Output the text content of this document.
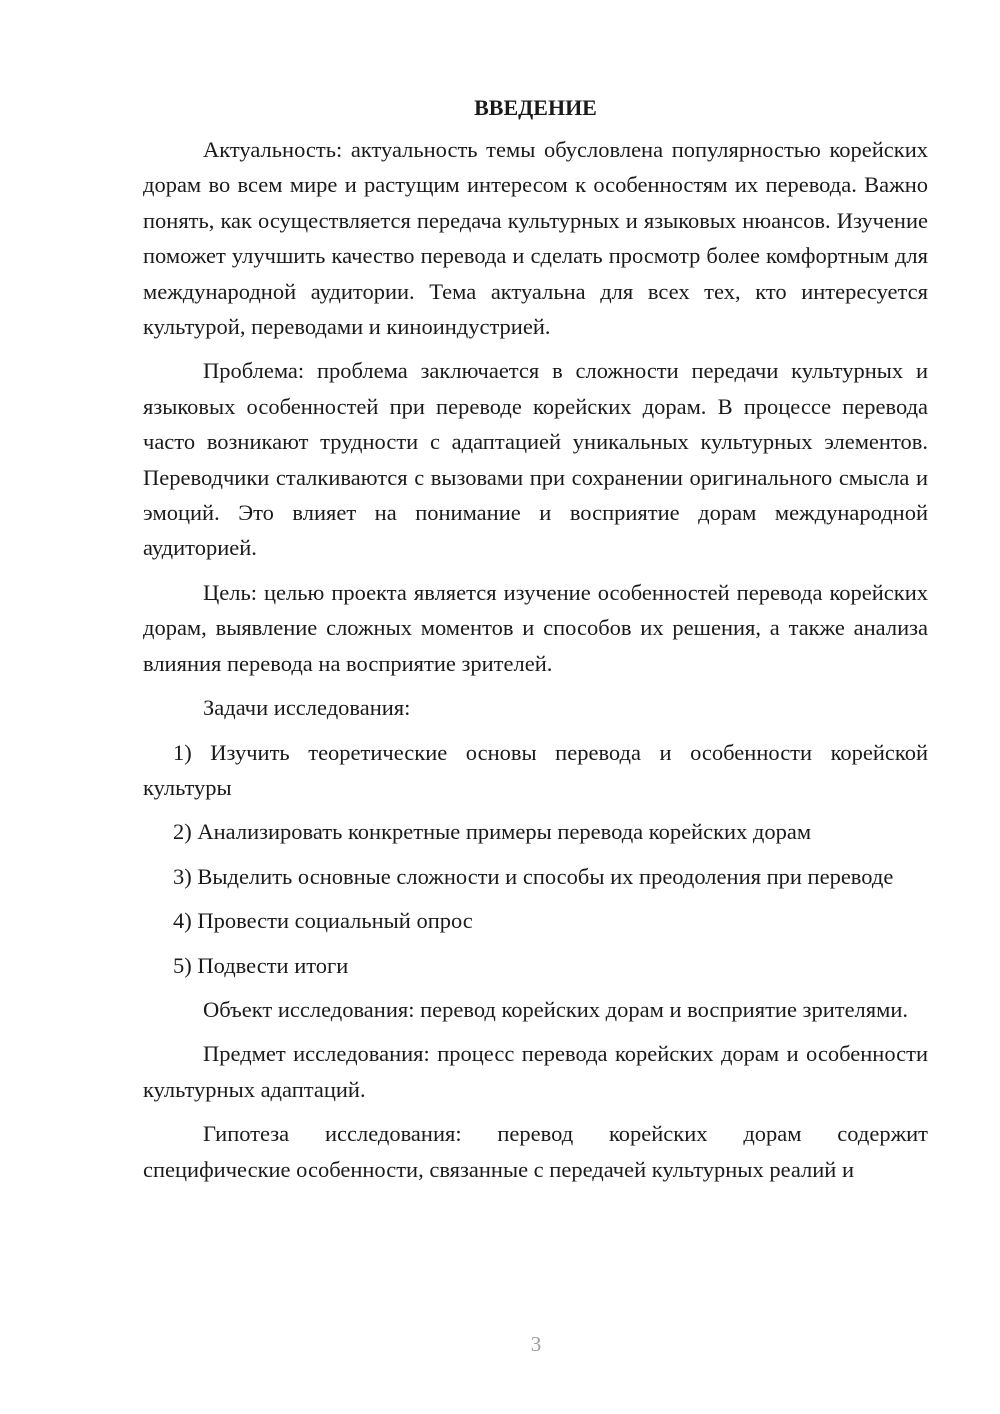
ВВЕДЕНИЕ

Актуальность: актуальность темы обусловлена популярностью корейских дорам во всем мире и растущим интересом к особенностям их перевода. Важно понять, как осуществляется передача культурных и языковых нюансов. Изучение поможет улучшить качество перевода и сделать просмотр более комфортным для международной аудитории. Тема актуальна для всех тех, кто интересуется культурой, переводами и киноиндустрией.

Проблема: проблема заключается в сложности передачи культурных и языковых особенностей при переводе корейских дорам. В процессе перевода часто возникают трудности с адаптацией уникальных культурных элементов. Переводчики сталкиваются с вызовами при сохранении оригинального смысла и эмоций. Это влияет на понимание и восприятие дорам международной аудиторией.

Цель: целью проекта является изучение особенностей перевода корейских дорам, выявление сложных моментов и способов их решения, а также анализа влияния перевода на восприятие зрителей.

Задачи исследования:

1) Изучить теоретические основы перевода и особенности корейской культуры

2) Анализировать конкретные примеры перевода корейских дорам

3) Выделить основные сложности и способы их преодоления при переводе

4) Провести социальный опрос

5) Подвести итоги

Объект исследования: перевод корейских дорам и восприятие зрителями.

Предмет исследования: процесс перевода корейских дорам и особенности культурных адаптаций.

Гипотеза исследования: перевод корейских дорам содержит специфические особенности, связанные с передачей культурных реалий и

3
